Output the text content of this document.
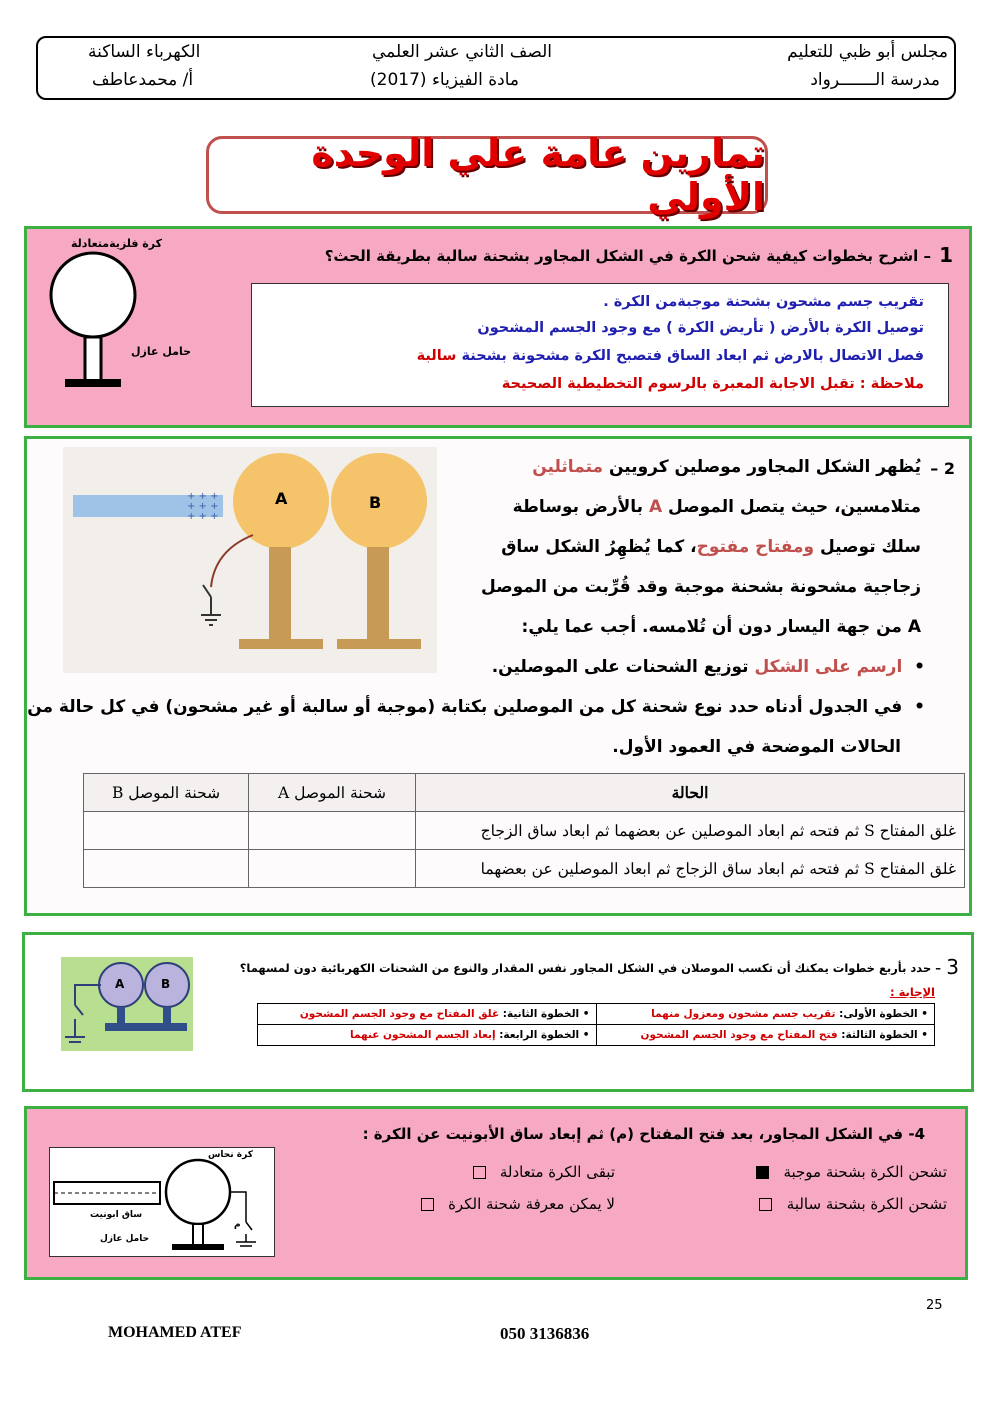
مجلس أبو ظبي للتعليم
مدرسة الـــــــرواد
الصف الثاني عشر العلمي
مادة الفيزياء (2017)
الكهرباء الساكنة
أ/ محمدعاطف
تمارين عامة علي الوحدة الأولي
1
– اشرح بخطوات كيفية شحن الكرة في الشكل المجاور بشحنة سالبة بطريقة الحث؟
كرة فلزيةمتعادلة
حامل عازل
تقريب جسم مشحون بشحنة موجبةمن الكرة .
توصيل الكرة بالأرض ( تأريض الكرة ) مع وجود الجسم المشحون
فصل الاتصال بالارض ثم ابعاد الساق فتصبح الكرة مشحونة بشحنة سالبة
ملاحظة : تقبل الاجابة المعبرة بالرسوم التخطيطية الصحيحة
+ + +
+ + +
+ + +
A	B
2 –
يُظهر الشكل المجاور موصلين كرويين متماثلين
متلامسين، حيث يتصل الموصل A بالأرض بوساطة
سلك توصيل ومفتاح مفتوح، كما يُظهِرُ الشكل ساق
زجاجية مشحونة بشحنة موجبة وقد قُرِّبت من الموصل
A من جهة اليسار دون أن تُلامسه. أجب عما يلي:
•  ارسم على الشكل توزيع الشحنات على الموصلين.
•  في الجدول أدناه حدد نوع شحنة كل من الموصلين بكتابة (موجبة أو سالبة أو غير مشحون) في كل حالة من
الحالات الموضحة في العمود الأول.
الحالة	شحنة الموصل A	شحنة الموصل B
غلق المفتاح S ثم فتحه ثم ابعاد الموصلين عن بعضهما ثم ابعاد ساق الزجاج		
غلق المفتاح S ثم فتحه ثم ابعاد ساق الزجاج ثم ابعاد الموصلين عن بعضهما		
3
– حدد بأربع خطوات يمكنك أن تكسب الموصلان في الشكل المجاور نفس المقدار والنوع من الشحنات الكهربائية دون لمسهما؟
الإجابة :
A	B
• الخطوة الأولى: تقريب جسم مشحون ومعزول منهما	• الخطوة الثانية: غلق المفتاح مع وجود الجسم المشحون
• الخطوة الثالثة: فتح المفتاح مع وجود الجسم المشحون	• الخطوة الرابعة: إبعاد الجسم المشحون عنهما
4- في الشكل المجاور، بعد فتح المفتاح (م) ثم إبعاد ساق الأبونيت عن الكرة :
كرة نحاس
ساق ابونيت
حامل عازل
م
تشحن الكرة بشحنة موجبة
تبقى الكرة متعادلة
تشحن الكرة بشحنة سالبة
لا يمكن معرفة شحنة الكرة
25
MOHAMED ATEF	050 3136836
